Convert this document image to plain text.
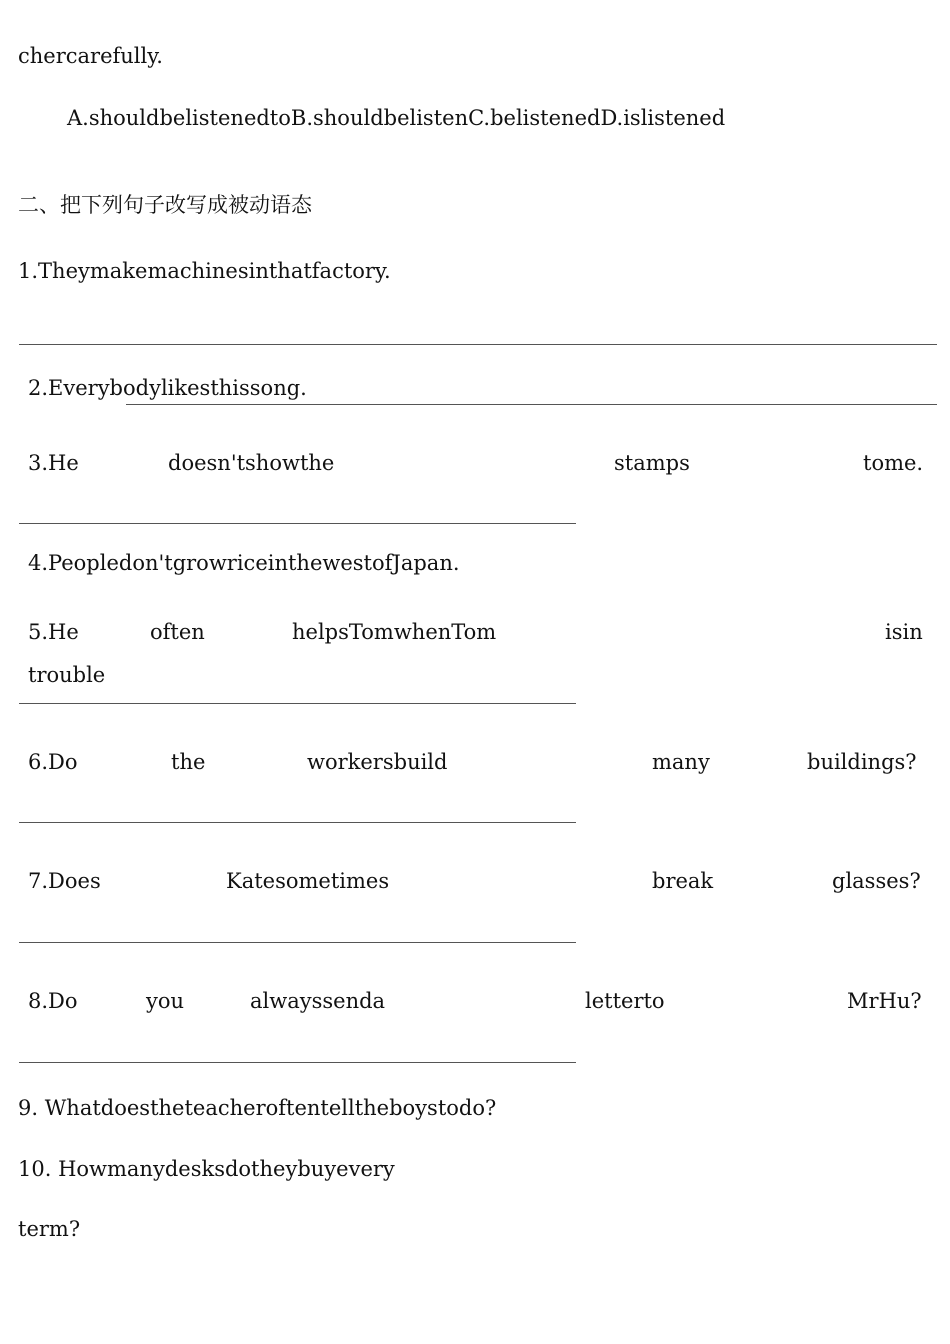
chercarefully.
A.shouldbelistenedtoB.shouldbelistenC.belistenedD.islistened
二、把下列句子改写成被动语态
1.Theymakemachinesinthatfactory.
2.Everybodylikesthissong.
3.He	doesn'tshowthe	stamps	tome.
4.Peopledon'tgrowriceinthewestofJapan.
5.He	often	helpsTomwhenTom	isin
trouble
6.Do	the	workersbuild	many	buildings?
7.Does	Katesometimes	break	glasses?
8.Do	you	alwayssenda	letterto	MrHu?
9. Whatdoestheteacheroftentelltheboystodo?
10. Howmanydesksdotheybuyevery
term?
